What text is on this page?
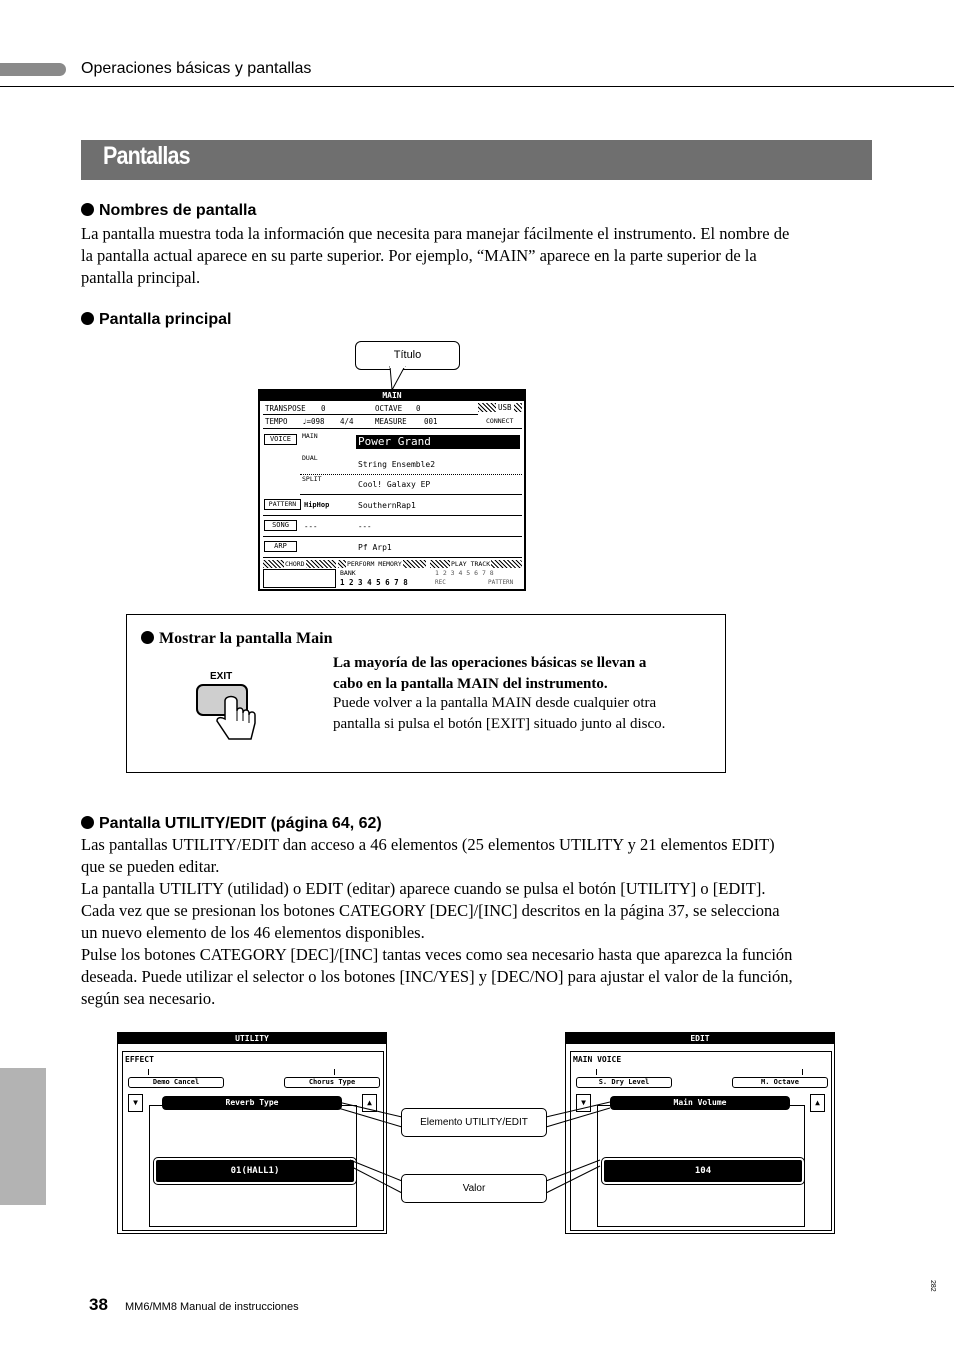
Operaciones básicas y pantallas
Pantallas
Nombres de pantalla
La pantalla muestra toda la información que necesita para manejar fácilmente el instrumento. El nombre de
la pantalla actual aparece en su parte superior. Por ejemplo, “MAIN” aparece en la parte superior de la
pantalla principal.
Pantalla principal
Título
MAIN
TRANSPOSE 0	OCTAVE 0	USB
TEMPO ♩=098 4/4	MEASURE 001	CONNECT
VOICE	MAIN	Power Grand
DUAL
String Ensemble2
SPLIT
Cool! Galaxy EP
PATTERN	HipHop	SouthernRap1
SONG	---	---
ARP	Pf Arp1
CHORD	PERFORM MEMORY
BANK
1 2 3 4 5 6 7 8
PLAY TRACK
1 2 3 4 5 6 7 8
REC	PATTERN
Mostrar la pantalla Main
EXIT
La mayoría de las operaciones básicas se llevan a
cabo en la pantalla MAIN del instrumento.
Puede volver a la pantalla MAIN desde cualquier otra
pantalla si pulsa el botón [EXIT] situado junto al disco.
Pantalla UTILITY/EDIT (página 64, 62)
Las pantallas UTILITY/EDIT dan acceso a 46 elementos (25 elementos UTILITY y 21 elementos EDIT)
que se pueden editar.
La pantalla UTILITY (utilidad) o EDIT (editar) aparece cuando se pulsa el botón [UTILITY] o [EDIT].
Cada vez que se presionan los botones CATEGORY [DEC]/[INC] descritos en la página 37, se selecciona
un nuevo elemento de los 46 elementos disponibles.
Pulse los botones CATEGORY [DEC]/[INC] tantas veces como sea necesario hasta que aparezca la función
deseada. Puede utilizar el selector o los botones [INC/YES] y [DEC/NO] para ajustar el valor de la función,
según sea necesario.
UTILITY
EFFECT
Demo Cancel	Chorus Type
▼	▲
Reverb Type
01(HALL1)
EDIT
MAIN VOICE
S. Dry Level	M. Octave
▼	▲
Main Volume
104
Elemento UTILITY/EDIT
Valor
38 MM6/MM8 Manual de instrucciones
282
